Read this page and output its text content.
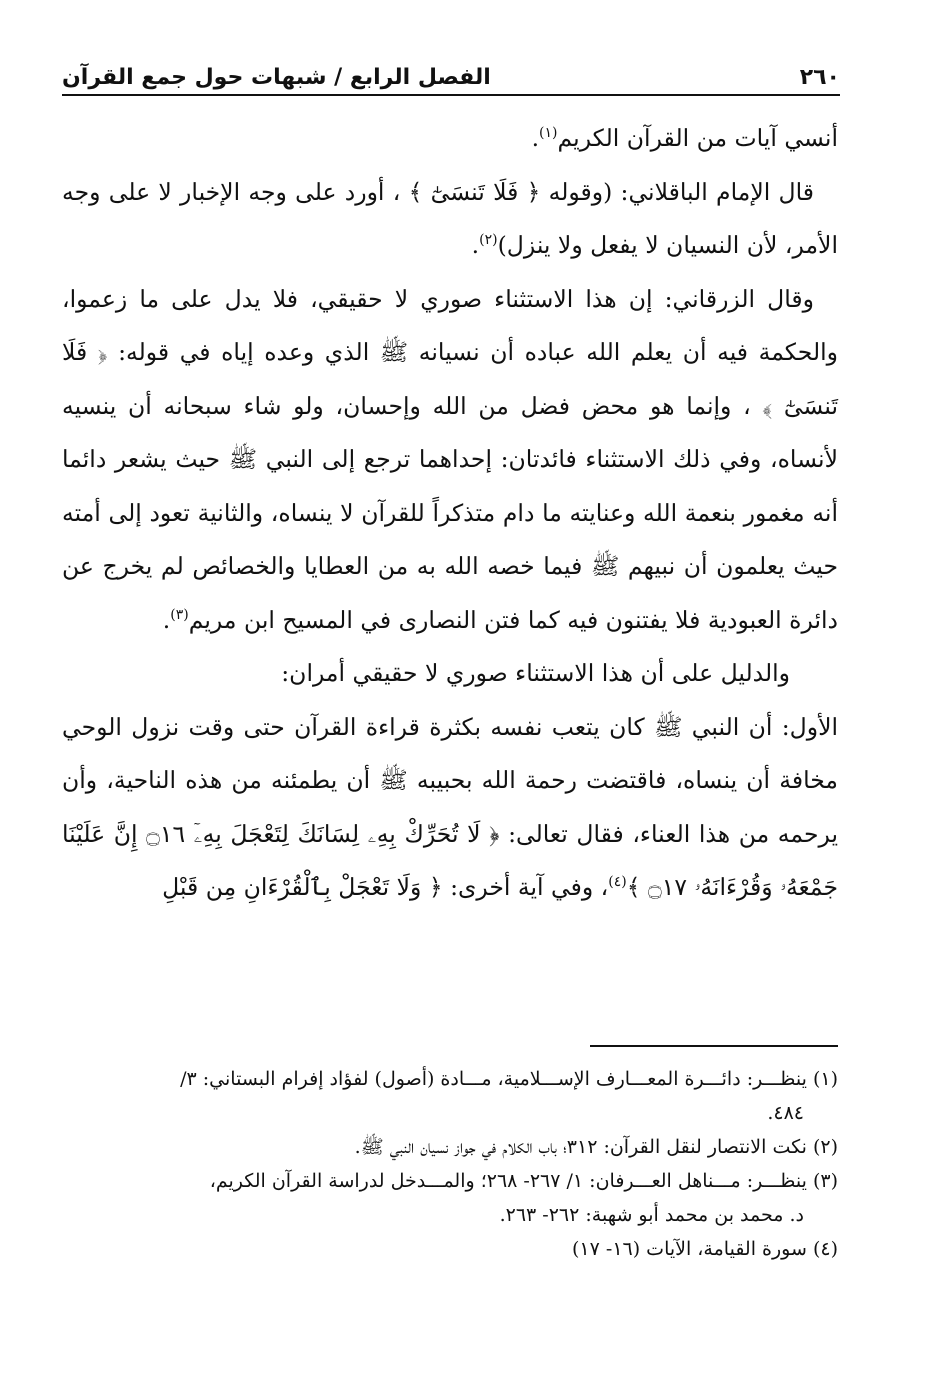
٢٦٠
الفصل الرابع / شبهات حول جمع القرآن

أنسي آيات من القرآن الكريم$^{(١)}$.

قال الإمام الباقلاني: (وقوله ﴿ فَلَا تَنسَىٰٓ ﴾ ، أورد على وجه الإخبار لا على وجه الأمر، لأن النسيان لا يفعل ولا ينزل)$^{(٢)}$.

وقال الزرقاني: إن هذا الاستثناء صوري لا حقيقي، فلا يدل على ما زعموا، والحكمة فيه أن يعلم الله عباده أن نسيانه ﷺ الذي وعده إياه في قوله: ﴿ فَلَا تَنسَىٰٓ ﴾ ، وإنما هو محض فضل من الله وإحسان، ولو شاء سبحانه أن ينسيه لأنساه، وفي ذلك الاستثناء فائدتان: إحداهما ترجع إلى النبي ﷺ حيث يشعر دائما أنه مغمور بنعمة الله وعنايته ما دام متذكراً للقرآن لا ينساه، والثانية تعود إلى أمته حيث يعلمون أن نبيهم ﷺ فيما خصه الله به من العطايا والخصائص لم يخرج عن دائرة العبودية فلا يفتنون فيه كما فتن النصارى في المسيح ابن مريم$^{(٣)}$.

والدليل على أن هذا الاستثناء صوري لا حقيقي أمران:

الأول: أن النبي ﷺ كان يتعب نفسه بكثرة قراءة القرآن حتى وقت نزول الوحي مخافة أن ينساه، فاقتضت رحمة الله بحبيبه ﷺ أن يطمئنه من هذه الناحية، وأن يرحمه من هذا العناء، فقال تعالى: ﴿ لَا تُحَرِّكْ بِهِۦ لِسَانَكَ لِتَعْجَلَ بِهِۦٓ ۝١٦ إِنَّ عَلَيْنَا جَمْعَهُۥ وَقُرْءَانَهُۥ ۝١٧ ﴾$^{(٤)}$، وفي آية أخرى: ﴿ وَلَا تَعْجَلْ بِٱلْقُرْءَانِ مِن قَبْلِ

(١) ينظـــر: دائـــرة المعـــارف الإســـلامية، مـــادة (أصول) لفؤاد إفرام البستاني: ٣/

٤٨٤.

(٢) نكت الانتصار لنقل القرآن: ٣١٢؛ باب الكلام في جواز نسيان النبي ﷺ.

(٣) ينظـــر: مـــناهل العـــرفان: ١/ ٢٦٧- ٢٦٨؛ والمـــدخل لدراسة القرآن الكريم،

د. محمد بن محمد أبو شهبة: ٢٦٢- ٢٦٣.

(٤) سورة القيامة، الآيات (١٦- ١٧)
